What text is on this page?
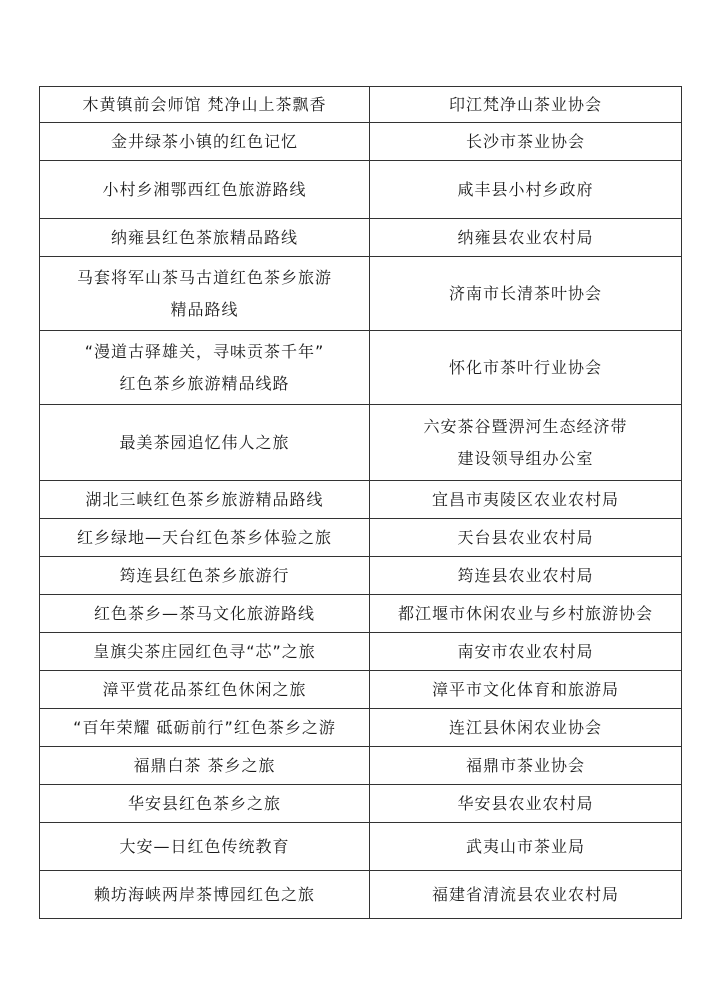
木黄镇前会师馆 梵净山上茶飘香	印江梵净山茶业协会

金井绿茶小镇的红色记忆	长沙市茶业协会

小村乡湘鄂西红色旅游路线	咸丰县小村乡政府

纳雍县红色茶旅精品路线	纳雍县农业农村局

马套将军山茶马古道红色茶乡旅游
精品路线	济南市长清茶叶协会

“漫道古驿雄关，寻味贡茶千年”
红色茶乡旅游精品线路	怀化市茶叶行业协会

最美茶园追忆伟人之旅	六安茶谷暨淠河生态经济带
建设领导组办公室

湖北三峡红色茶乡旅游精品路线	宜昌市夷陵区农业农村局

红乡绿地—天台红色茶乡体验之旅	天台县农业农村局

筠连县红色茶乡旅游行	筠连县农业农村局

红色茶乡—茶马文化旅游路线	都江堰市休闲农业与乡村旅游协会

皇旗尖茶庄园红色寻“芯”之旅	南安市农业农村局

漳平赏花品茶红色休闲之旅	漳平市文化体育和旅游局

“百年荣耀 砥砺前行”红色茶乡之游	连江县休闲农业协会

福鼎白茶 茶乡之旅	福鼎市茶业协会

华安县红色茶乡之旅	华安县农业农村局

大安—日红色传统教育	武夷山市茶业局

赖坊海峡两岸茶博园红色之旅	福建省清流县农业农村局
